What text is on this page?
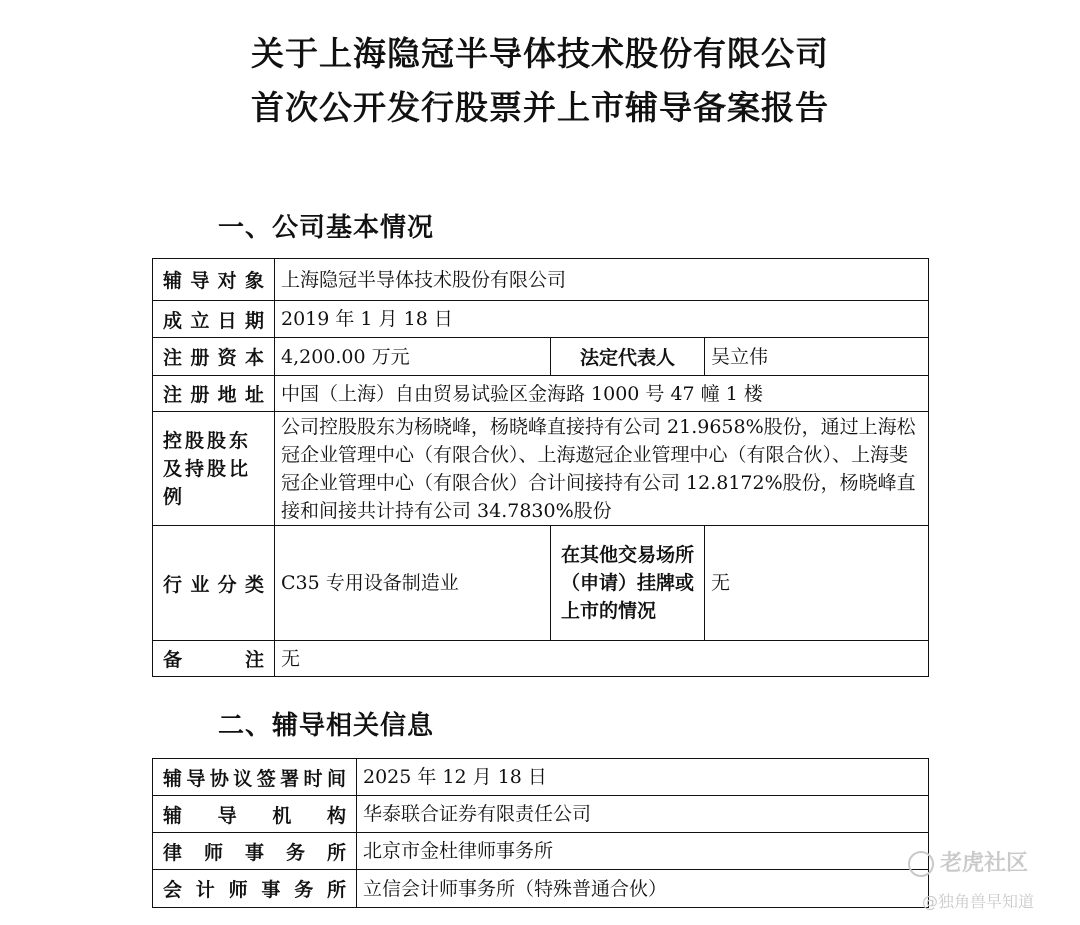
关于上海隐冠半导体技术股份有限公司
首次公开发行股票并上市辅导备案报告
一、公司基本情况
辅导对象	上海隐冠半导体技术股份有限公司		
成立日期	2019 年 1 月 18 日		
注册资本	4,200.00 万元	法定代表人	吴立伟
注册地址	中国（上海）自由贸易试验区金海路 1000 号 47 幢 1 楼		
控股股东及持股比例	公司控股股东为杨晓峰，杨晓峰直接持有公司 21.9658%股份，通过上海松冠企业管理中心（有限合伙）、上海遨冠企业管理中心（有限合伙）、上海斐冠企业管理中心（有限合伙）合计间接持有公司 12.8172%股份，杨晓峰直接和间接共计持有公司 34.7830%股份		
行业分类	C35 专用设备制造业	在其他交易场所（申请）挂牌或上市的情况	无
备注	无		
二、辅导相关信息
辅导协议签署时间	2025 年 12 月 18 日
辅导机构	华泰联合证券有限责任公司
律师事务所	北京市金杜律师事务所
会计师事务所	立信会计师事务所（特殊普通合伙）
老虎社区
@独角兽早知道
